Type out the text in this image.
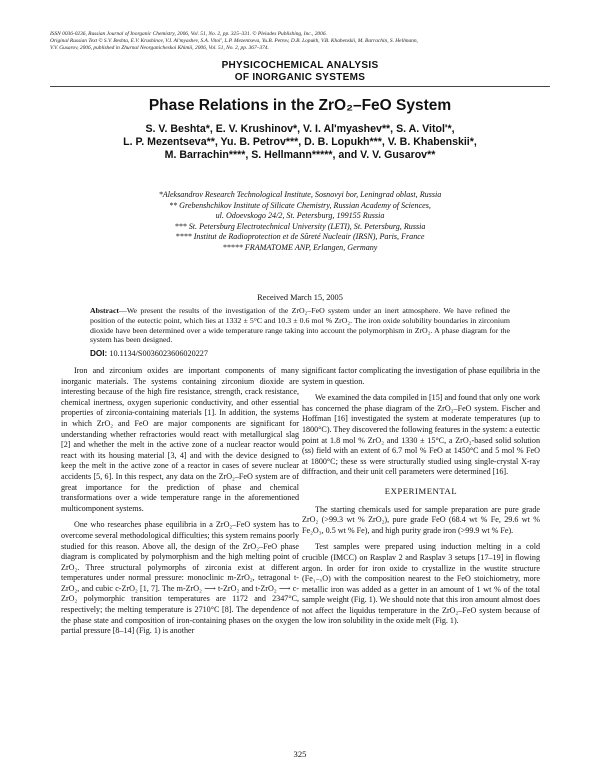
ISSN 0036-0236, Russian Journal of Inorganic Chemistry, 2006, Vol. 51, No. 2, pp. 325–331. © Pleiades Publishing, Inc., 2006.
Original Russian Text © S.V. Beshta, E.V. Krushinov, V.I. Al'myashev, S.A. Vitol', L.P. Mezentseva, Yu.B. Petrov, D.B. Lopukh, V.B. Khabenskii, M. Barrachin, S. Hellmann,
V.V. Gusarov, 2006, published in Zhurnal Neorganicheskoi Khimii, 2006, Vol. 51, No. 2, pp. 367–374.
PHYSICOCHEMICAL ANALYSIS
OF INORGANIC SYSTEMS
Phase Relations in the ZrO₂–FeO System
S. V. Beshta*, E. V. Krushinov*, V. I. Al'myashev**, S. A. Vitol'*,
L. P. Mezentseva**, Yu. B. Petrov***, D. B. Lopukh***, V. B. Khabenskii*,
M. Barrachin****, S. Hellmann*****, and V. V. Gusarov**
*Aleksandrov Research Technological Institute, Sosnovyi bor, Leningrad oblast, Russia
** Grebenshchikov Institute of Silicate Chemistry, Russian Academy of Sciences,
ul. Odoevskogo 24/2, St. Petersburg, 199155 Russia
*** St. Petersburg Electrotechnical University (LETI), St. Petersburg, Russia
**** Institut de Radioprotection et de Sûreté Nucleair (IRSN), Paris, France
***** FRAMATOME ANP, Erlangen, Germany
Received March 15, 2005
Abstract—We present the results of the investigation of the ZrO₂–FeO system under an inert atmosphere. We have refined the position of the eutectic point, which lies at 1332 ± 5°C and 10.3 ± 0.6 mol % ZrO₂. The iron oxide solubility boundaries in zirconium dioxide have been determined over a wide temperature range taking into account the polymorphism in ZrO₂. A phase diagram for the system has been designed.
DOI: 10.1134/S0036023606020227

Iron and zirconium oxides are important components of many inorganic materials. The systems containing zirconium dioxide are interesting because of the high fire resistance, strength, crack resistance, chemical inertness, oxygen superionic conductivity, and other essential properties of zirconia-containing materials [1]. In addition, the systems in which ZrO₂ and FeO are major components are significant for understanding whether refractories would react with metallurgical slag [2] and whether the melt in the active zone of a nuclear reactor would react with its housing material [3, 4] and with the device designed to keep the melt in the active zone of a reactor in cases of severe nuclear accidents [5, 6]. In this respect, any data on the ZrO₂–FeO system are of great importance for the prediction of phase and chemical transformations over a wide temperature range in the aforementioned multicomponent systems.

One who researches phase equilibria in a ZrO₂–FeO system has to overcome several methodological difficulties; this system remains poorly studied for this reason. Above all, the design of the ZrO₂–FeO phase diagram is complicated by polymorphism and the high melting point of ZrO₂. Three structural polymorphs of zirconia exist at different temperatures under normal pressure: monoclinic m-ZrO₂, tetragonal t-ZrO₂, and cubic c-ZrO₂ [1, 7]. The m-ZrO₂ ⟶ t-ZrO₂ and t-ZrO₂ ⟶ c-ZrO₂ polymorphic transition temperatures are 1172 and 2347°C, respectively; the melting temperature is 2710°C [8]. The dependence of the phase state and composition of iron-containing phases on the oxygen partial pressure [8–14] (Fig. 1) is another

significant factor complicating the investigation of phase equilibria in the system in question.

We examined the data compiled in [15] and found that only one work has concerned the phase diagram of the ZrO₂–FeO system. Fischer and Hoffman [16] investigated the system at moderate temperatures (up to 1800°C). They discovered the following features in the system: a eutectic point at 1.8 mol % ZrO₂ and 1330 ± 15°C, a ZrO₂-based solid solution (ss) field with an extent of 6.7 mol % FeO at 1450°C and 5 mol % FeO at 1800°C; these ss were structurally studied using single-crystal X-ray diffraction, and their unit cell parameters were determined [16].

EXPERIMENTAL

The starting chemicals used for sample preparation are pure grade ZrO₂ (>99.3 wt % ZrO₂), pure grade FeO (68.4 wt % Fe, 29.6 wt % Fe₂O₃, 0.5 wt % Fe), and high purity grade iron (>99.9 wt % Fe).

Test samples were prepared using induction melting in a cold crucible (IMCC) on Rasplav 2 and Rasplav 3 setups [17–19] in flowing argon. In order for iron oxide to crystallize in the wustite structure (Fe₁₋ₓO) with the composition nearest to the FeO stoichiometry, more metallic iron was added as a getter in an amount of 1 wt % of the total sample weight (Fig. 1). We should note that this iron amount almost does not affect the liquidus temperature in the ZrO₂–FeO system because of the low iron solubility in the oxide melt (Fig. 1).

325
